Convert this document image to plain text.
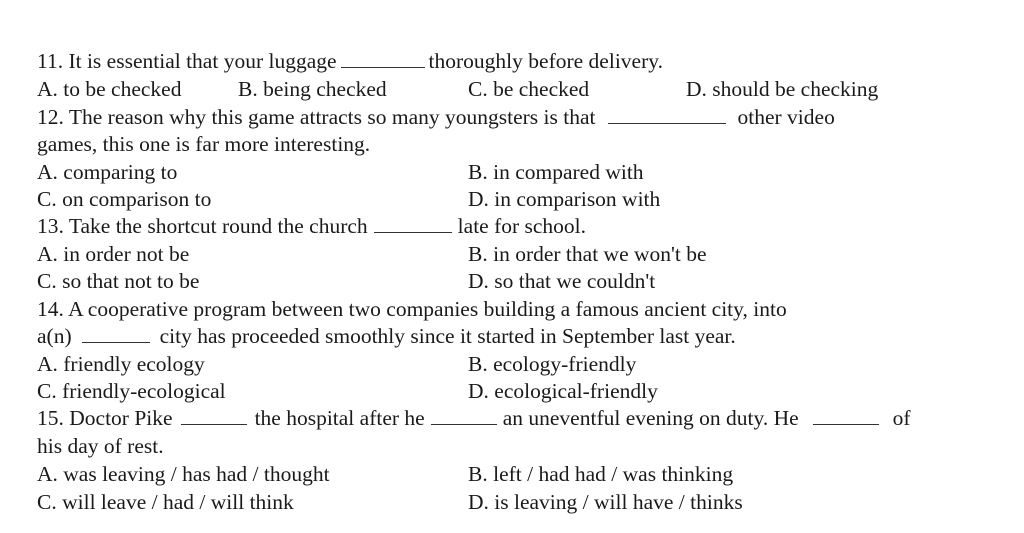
11. It is essential that your luggage	thoroughly before delivery.
A. to be checked	B. being checked	C. be checked	D. should be checking
12. The reason why this game attracts so many youngsters is that	other video
games, this one is far more interesting.
A. comparing to	B. in compared with
C. on comparison to	D. in comparison with
13. Take the shortcut round the church	late for school.
A. in order not be	B. in order that we won't be
C. so that not to be	D. so that we couldn't
14. A cooperative program between two companies building a famous ancient city, into
a(n)	city has proceeded smoothly since it started in September last year.
A. friendly ecology	B. ecology-friendly
C. friendly-ecological	D. ecological-friendly
15. Doctor Pike	the hospital after he	an uneventful evening on duty. He	of
his day of rest.
A. was leaving / has had / thought	B. left / had had / was thinking
C. will leave / had / will think	D. is leaving / will have / thinks
